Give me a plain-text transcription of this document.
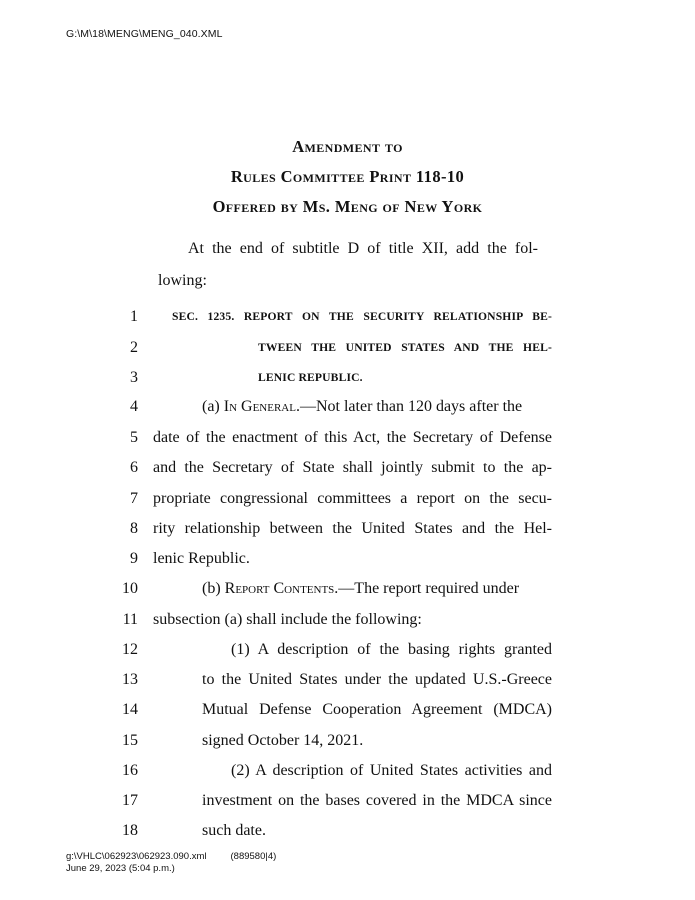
G:\M\18\MENG\MENG_040.XML
Amendment to
Rules Committee Print 118-10
Offered by Ms. Meng of New York
At the end of subtitle D of title XII, add the fol-
lowing:
1	SEC. 1235. REPORT ON THE SECURITY RELATIONSHIP BE-
2	TWEEN THE UNITED STATES AND THE HEL-
3	LENIC REPUBLIC.
4	(a) In General.—Not later than 120 days after the
5 date of the enactment of this Act, the Secretary of Defense
6 and the Secretary of State shall jointly submit to the ap-
7 propriate congressional committees a report on the secu-
8 rity relationship between the United States and the Hel-
9 lenic Republic.
10	(b) Report Contents.—The report required under
11 subsection (a) shall include the following:
12	(1) A description of the basing rights granted
13	to the United States under the updated U.S.-Greece
14	Mutual Defense Cooperation Agreement (MDCA)
15	signed October 14, 2021.
16	(2) A description of United States activities and
17	investment on the bases covered in the MDCA since
18	such date.
g:\VHLC\062923\062923.090.xml	(889580|4)
June 29, 2023 (5:04 p.m.)
